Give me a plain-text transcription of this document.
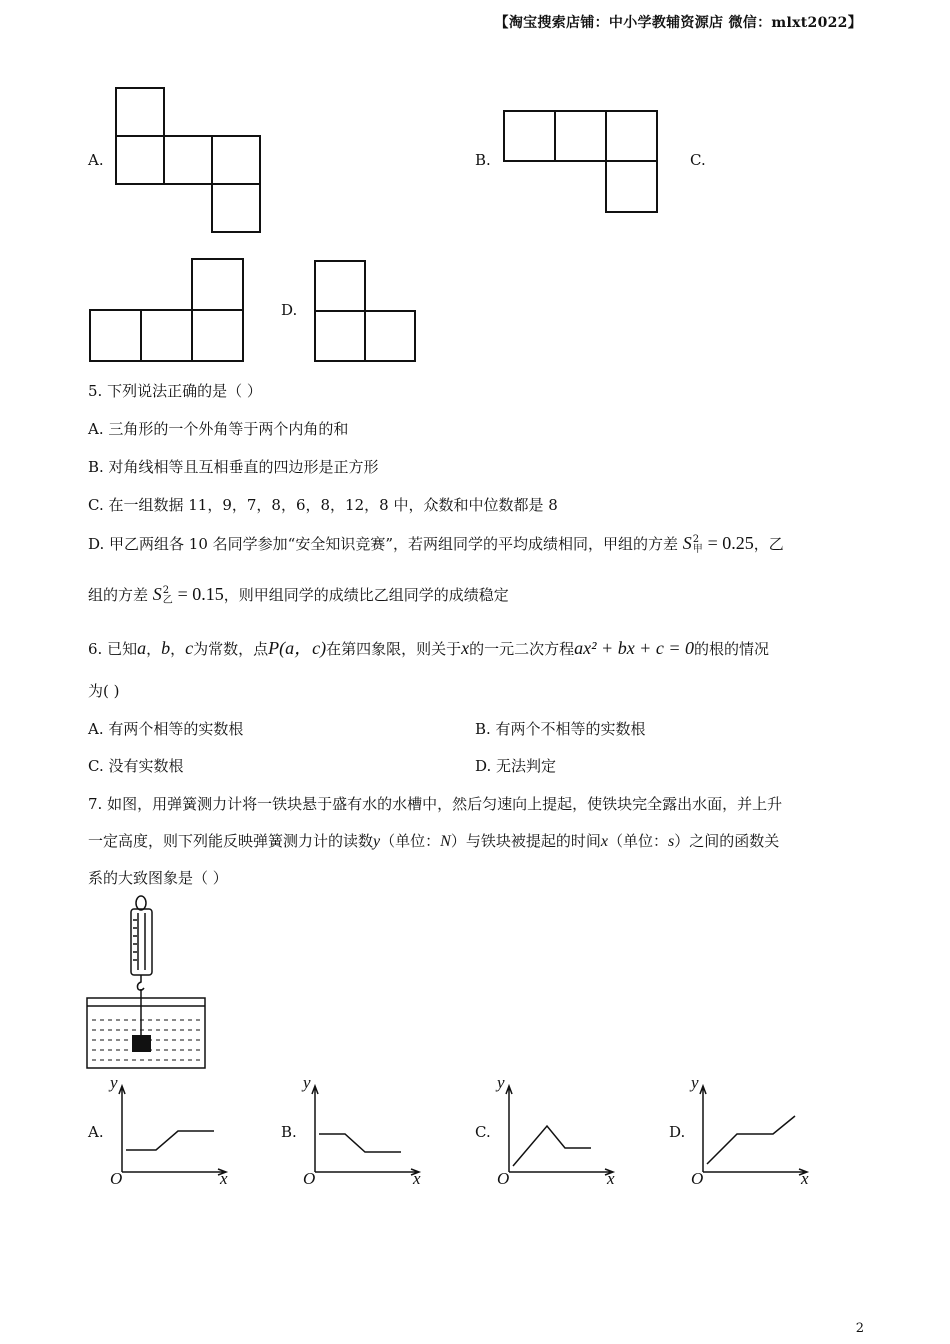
【淘宝搜索店铺：中小学教辅资源店 微信：mlxt2022】
A.	B.	C.
D.
5. 下列说法正确的是（ ）
A. 三角形的一个外角等于两个内角的和
B. 对角线相等且互相垂直的四边形是正方形
C. 在一组数据 11，9，7，8，6，8，12，8 中，众数和中位数都是 8
D. 甲乙两组各 10 名同学参加“安全知识竞赛”，若两组同学的平均成绩相同，甲组的方差 S 2
甲 = 0.25，乙
组的方差 S 2
乙 = 0.15，则甲组同学的成绩比乙组同学的成绩稳定
6. 已知a，b，c为常数，点P(a，c)在第四象限，则关于x的一元二次方程ax² + bx + c = 0的根的情况
为( )
A. 有两个相等的实数根	B. 有两个不相等的实数根
C. 没有实数根	D. 无法判定
7. 如图，用弹簧测力计将一铁块悬于盛有水的水槽中，然后匀速向上提起，使铁块完全露出水面，并上升
一定高度，则下列能反映弹簧测力计的读数y（单位：N）与铁块被提起的时间x（单位：s）之间的函数关
系的大致图象是（ ）
A.
y
x
O
B.
y
x
O
C.
y
x
O
D.
y
x
O
2
